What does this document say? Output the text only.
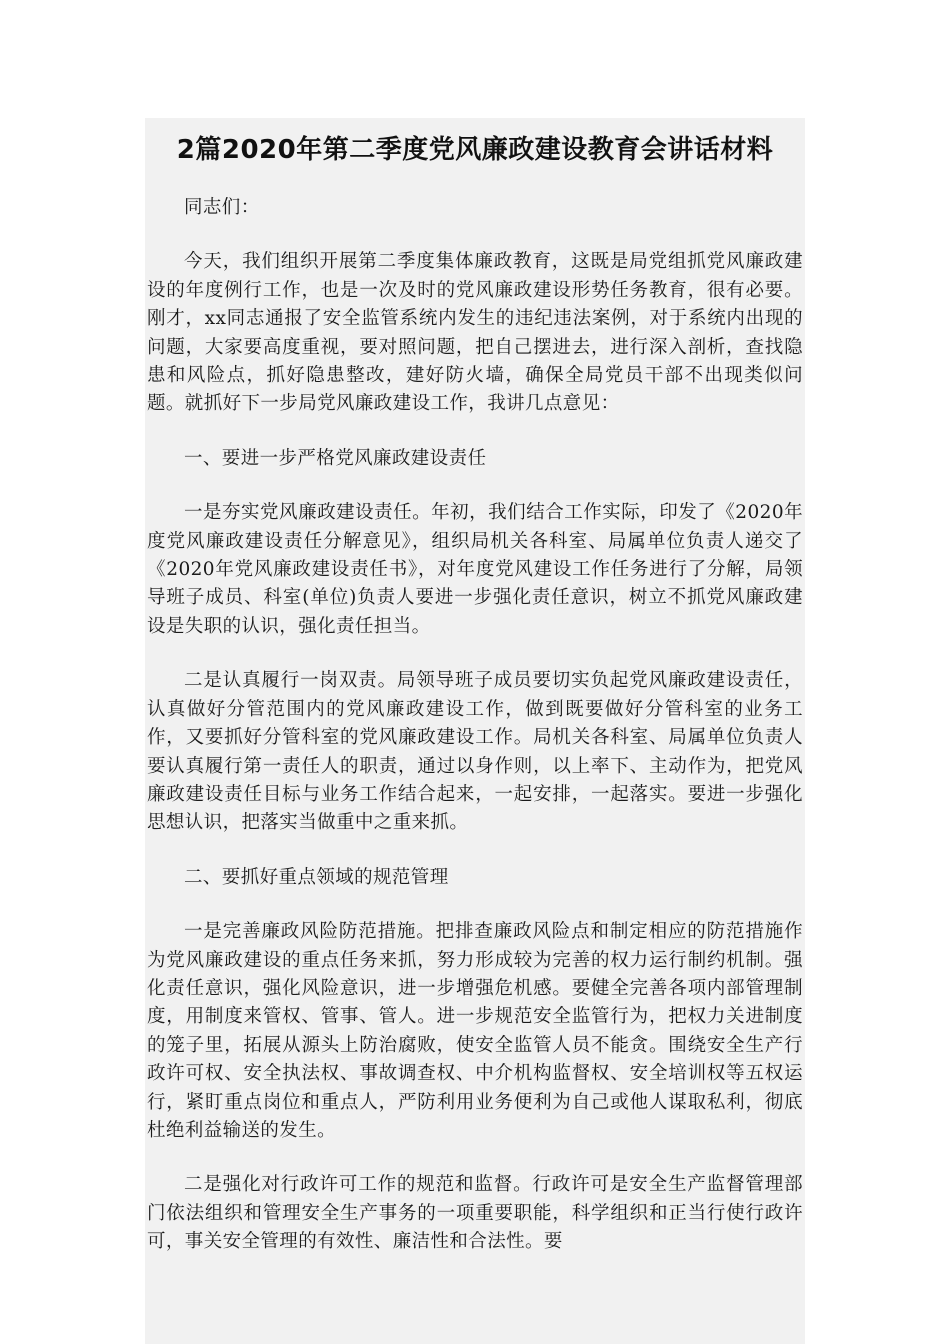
2篇2020年第二季度党风廉政建设教育会讲话材料

同志们：

今天，我们组织开展第二季度集体廉政教育，这既是局党组抓党风廉政建设的年度例行工作，也是一次及时的党风廉政建设形势任务教育，很有必要。刚才，xx同志通报了安全监管系统内发生的违纪违法案例，对于系统内出现的问题，大家要高度重视，要对照问题，把自己摆进去，进行深入剖析，查找隐患和风险点，抓好隐患整改，建好防火墙，确保全局党员干部不出现类似问题。就抓好下一步局党风廉政建设工作，我讲几点意见：

一、要进一步严格党风廉政建设责任

一是夯实党风廉政建设责任。年初，我们结合工作实际，印发了《2020年度党风廉政建设责任分解意见》，组织局机关各科室、局属单位负责人递交了《2020年党风廉政建设责任书》，对年度党风建设工作任务进行了分解，局领导班子成员、科室(单位)负责人要进一步强化责任意识，树立不抓党风廉政建设是失职的认识，强化责任担当。

二是认真履行一岗双责。局领导班子成员要切实负起党风廉政建设责任，认真做好分管范围内的党风廉政建设工作，做到既要做好分管科室的业务工作，又要抓好分管科室的党风廉政建设工作。局机关各科室、局属单位负责人要认真履行第一责任人的职责，通过以身作则，以上率下、主动作为，把党风廉政建设责任目标与业务工作结合起来，一起安排，一起落实。要进一步强化思想认识，把落实当做重中之重来抓。

二、要抓好重点领域的规范管理

一是完善廉政风险防范措施。把排查廉政风险点和制定相应的防范措施作为党风廉政建设的重点任务来抓，努力形成较为完善的权力运行制约机制。强化责任意识，强化风险意识，进一步增强危机感。要健全完善各项内部管理制度，用制度来管权、管事、管人。进一步规范安全监管行为，把权力关进制度的笼子里，拓展从源头上防治腐败，使安全监管人员不能贪。围绕安全生产行政许可权、安全执法权、事故调查权、中介机构监督权、安全培训权等五权运行，紧盯重点岗位和重点人，严防利用业务便利为自己或他人谋取私利，彻底杜绝利益输送的发生。

二是强化对行政许可工作的规范和监督。行政许可是安全生产监督管理部门依法组织和管理安全生产事务的一项重要职能，科学组织和正当行使行政许可，事关安全管理的有效性、廉洁性和合法性。要
